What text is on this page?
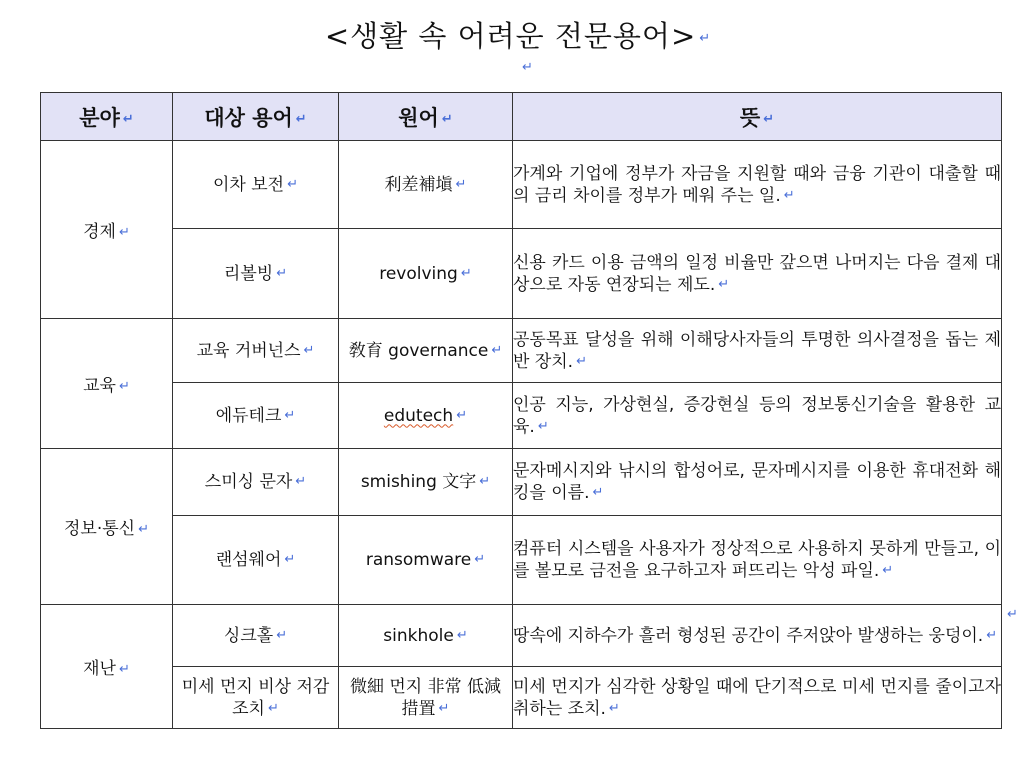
<생활 속 어려운 전문용어> ↵
↵
↵
분야 ↵	대상 용어 ↵	원어 ↵	뜻 ↵
경제 ↵	이차 보전 ↵	利差補塡 ↵	가계와 기업에 정부가 자금을 지원할 때와 금융 기관이 대출할 때의 금리 차이를 정부가 메워 주는 일. ↵
	리볼빙 ↵	revolving ↵	신용 카드 이용 금액의 일정 비율만 갚으면 나머지는 다음 결제 대상으로 자동 연장되는 제도. ↵
교육 ↵	교육 거버넌스 ↵	敎育 governance ↵	공동목표 달성을 위해 이해당사자들의 투명한 의사결정을 돕는 제반 장치. ↵
	에듀테크 ↵	edutech ↵	인공 지능, 가상현실, 증강현실 등의 정보통신기술을 활용한 교육. ↵
정보·통신 ↵	스미싱 문자 ↵	smishing 文字 ↵	문자메시지와 낚시의 합성어로, 문자메시지를 이용한 휴대전화 해킹을 이름. ↵
	랜섬웨어 ↵	ransomware ↵	컴퓨터 시스템을 사용자가 정상적으로 사용하지 못하게 만들고, 이를 볼모로 금전을 요구하고자 퍼뜨리는 악성 파일. ↵
재난 ↵	싱크홀 ↵	sinkhole ↵	땅속에 지하수가 흘러 형성된 공간이 주저앉아 발생하는 웅덩이. ↵
	미세 먼지 비상 저감 조치 ↵	微細 먼지 非常 低減 措置 ↵	미세 먼지가 심각한 상황일 때에 단기적으로 미세 먼지를 줄이고자 취하는 조치. ↵
